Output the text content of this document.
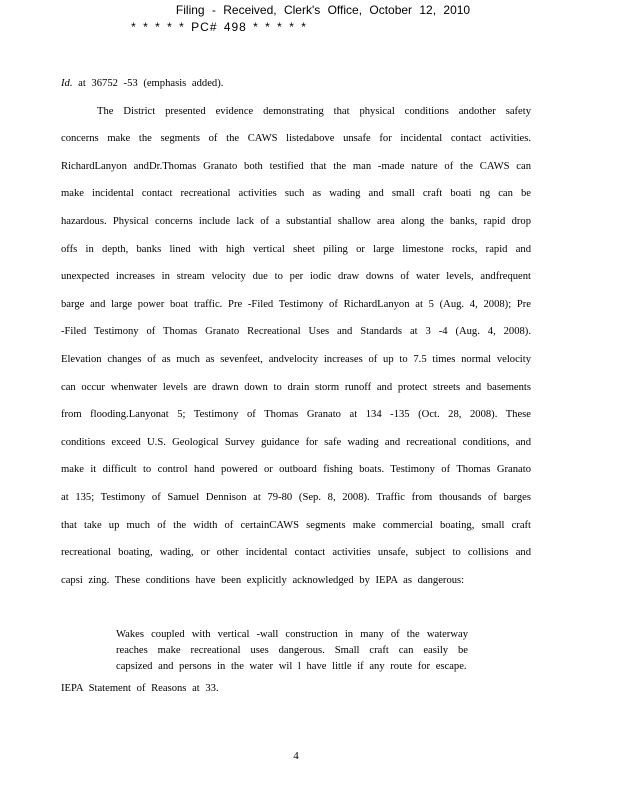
Filing - Received, Clerk's Office, October 12, 2010
* * * * * PC# 498 * * * * *

Id. at 36752 -53 (emphasis added).

The District presented evidence demonstrating that physical conditions andother safety concerns make the segments of the CAWS listedabove unsafe for incidental contact activities. RichardLanyon andDr.Thomas Granato both testified that the man -made nature of the CAWS can make incidental contact recreational activities such as wading and small craft boati ng can be hazardous. Physical concerns include lack of a substantial shallow area along the banks, rapid drop offs in depth, banks lined with high vertical sheet piling or large limestone rocks, rapid and unexpected increases in stream velocity due to per iodic draw downs of water levels, andfrequent barge and large power boat traffic. Pre -Filed Testimony of RichardLanyon at 5 (Aug. 4, 2008); Pre -Filed Testimony of Thomas Granato Recreational Uses and Standards at 3 -4 (Aug. 4, 2008). Elevation changes of as much as sevenfeet, andvelocity increases of up to 7.5 times normal velocity can occur whenwater levels are drawn down to drain storm runoff and protect streets and basements from flooding.Lanyonat 5; Testimony of Thomas Granato at 134 -135 (Oct. 28, 2008). These conditions exceed U.S. Geological Survey guidance for safe wading and recreational conditions, and make it difficult to control hand powered or outboard fishing boats. Testimony of Thomas Granato at 135; Testimony of Samuel Dennison at 79-80 (Sep. 8, 2008). Traffic from thousands of barges that take up much of the width of certainCAWS segments make commercial boating, small craft recreational boating, wading, or other incidental contact activities unsafe, subject to collisions and capsi zing. These conditions have been explicitly acknowledged by IEPA as dangerous:

Wakes coupled with vertical -wall construction in many of the waterway reaches make recreational uses dangerous. Small craft can easily be capsized and persons in the water wil l have little if any route for escape.

IEPA Statement of Reasons at 33.
4
